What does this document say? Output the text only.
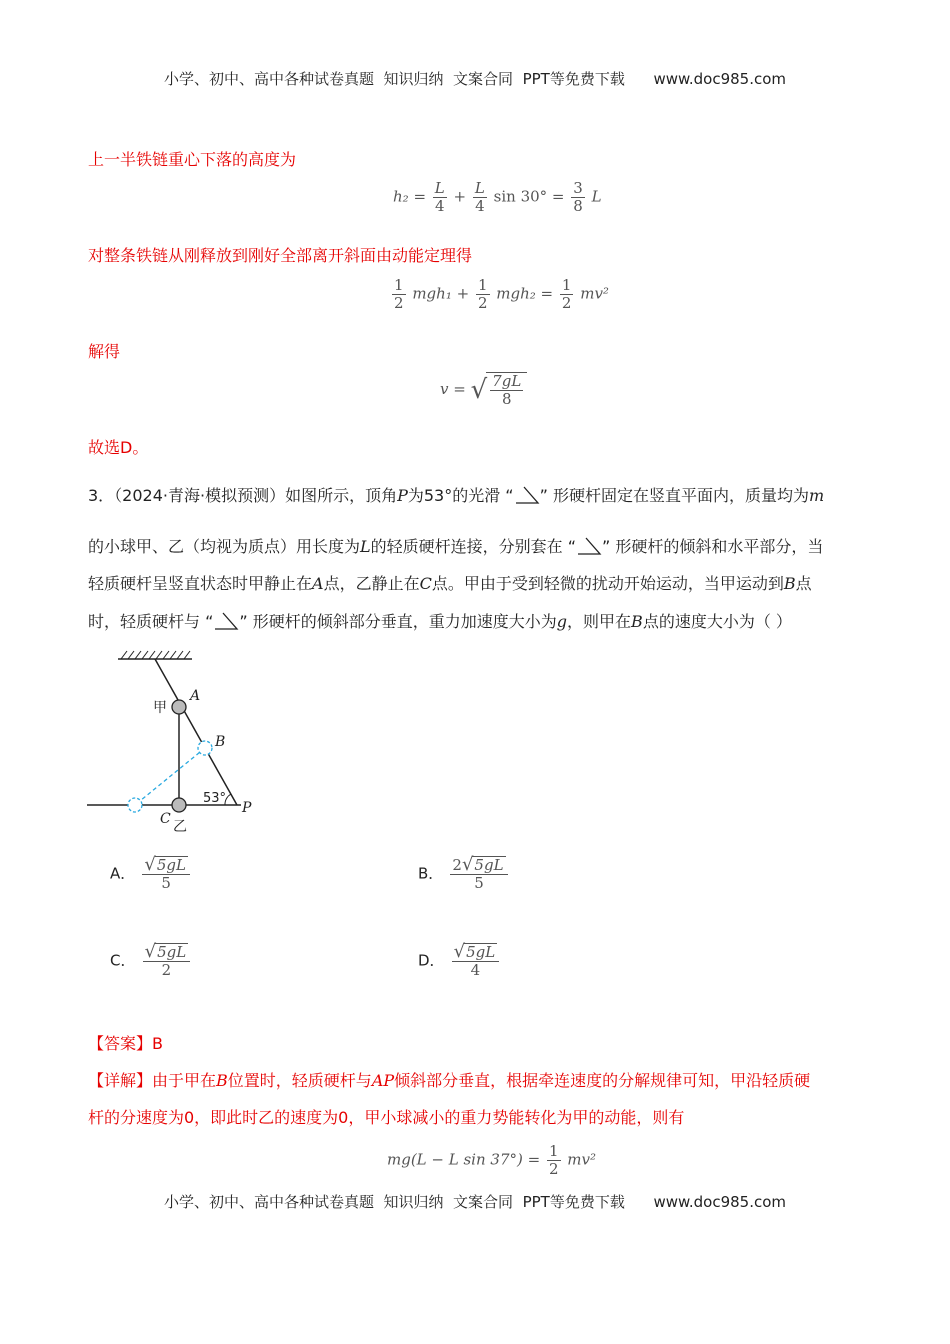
小学、初中、高中各种试卷真题  知识归纳  文案合同  PPT等免费下载      www.doc985.com
上一半铁链重心下落的高度为
$h_2 = \frac{L}{4} + \frac{L}{4}$ $\sin 30^\circ = \frac{3}{8}$ L
对整条铁链从刚释放到刚好全部离开斜面由动能定理得
$\frac{1}{2} mgh_1 + \frac{1}{2} mgh_2 = \frac{1}{2} mv^2$
解得
v = √ $\frac{7gL}{8}$
故选D。
3．（2024·青海·模拟预测）如图所示，顶角P为53°的光滑 “ ” 形硬杆固定在竖直平面内，质量均为m
的小球甲、乙（均视为质点）用长度为L的轻质硬杆连接，分别套在 “ ” 形硬杆的倾斜和水平部分，当
轻质硬杆呈竖直状态时甲静止在A点，乙静止在C点。甲由于受到轻微的扰动开始运动，当甲运动到B点
时，轻质硬杆与 “ ” 形硬杆的倾斜部分垂直，重力加速度大小为g，则甲在B点的速度大小为（ ）
甲
A
B
C 乙
P
53°
A． $\frac{√ 5gL}{5}$	B． $\frac{2 √ 5gL}{5}$
C． $\frac{√ 5gL}{2}$	D． $\frac{√ 5gL}{4}$
【答案】B
【详解】由于甲在B位置时，轻质硬杆与AP倾斜部分垂直，根据牵连速度的分解规律可知，甲沿轻质硬
杆的分速度为0，即此时乙的速度为0，甲小球减小的重力势能转化为甲的动能，则有
mg(L − L $\sin 37^\circ) = \frac{1}{2} mv^2$
小学、初中、高中各种试卷真题  知识归纳  文案合同  PPT等免费下载      www.doc985.com
